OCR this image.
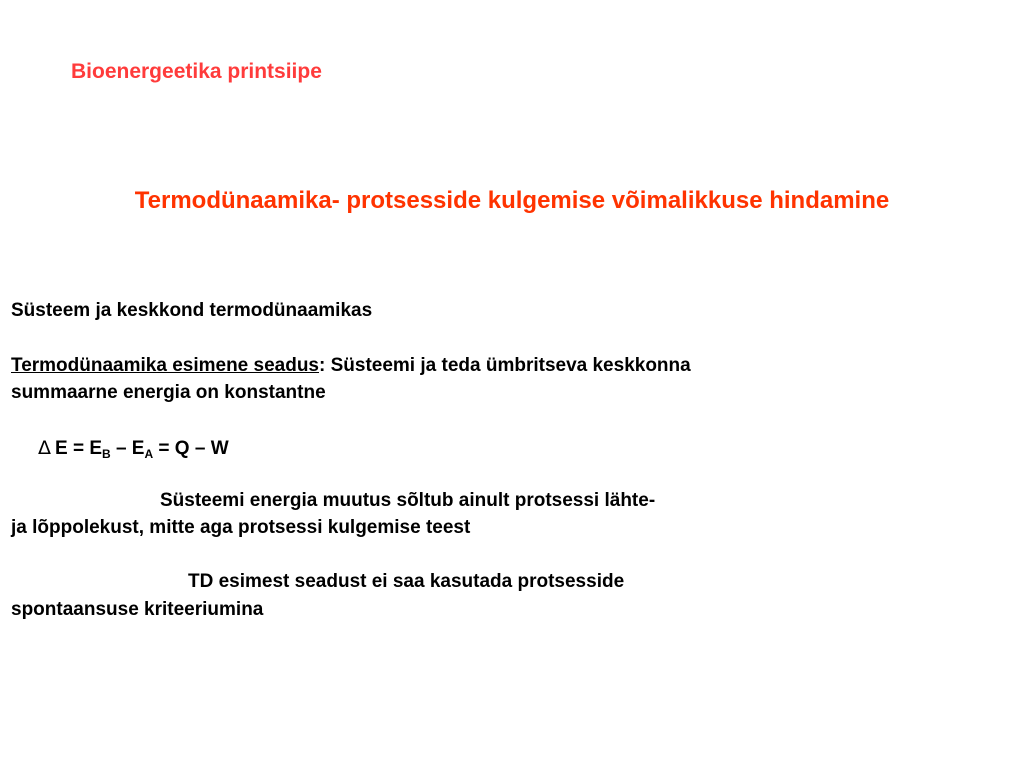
Bioenergeetika printsiipe
Termodünaamika- protsesside kulgemise võimalikkuse hindamine
Süsteem ja keskkond termodünaamikas
Termodünaamika esimene seadus: Süsteemi ja teda ümbritseva keskkonna
summaarne energia on konstantne
Δ $E = E_B - E_A = Q - W$
Süsteemi energia muutus sõltub ainult protsessi lähte-
ja lõppolekust, mitte aga protsessi kulgemise teest
TD esimest seadust ei saa kasutada protsesside
spontaansuse kriteeriumina
